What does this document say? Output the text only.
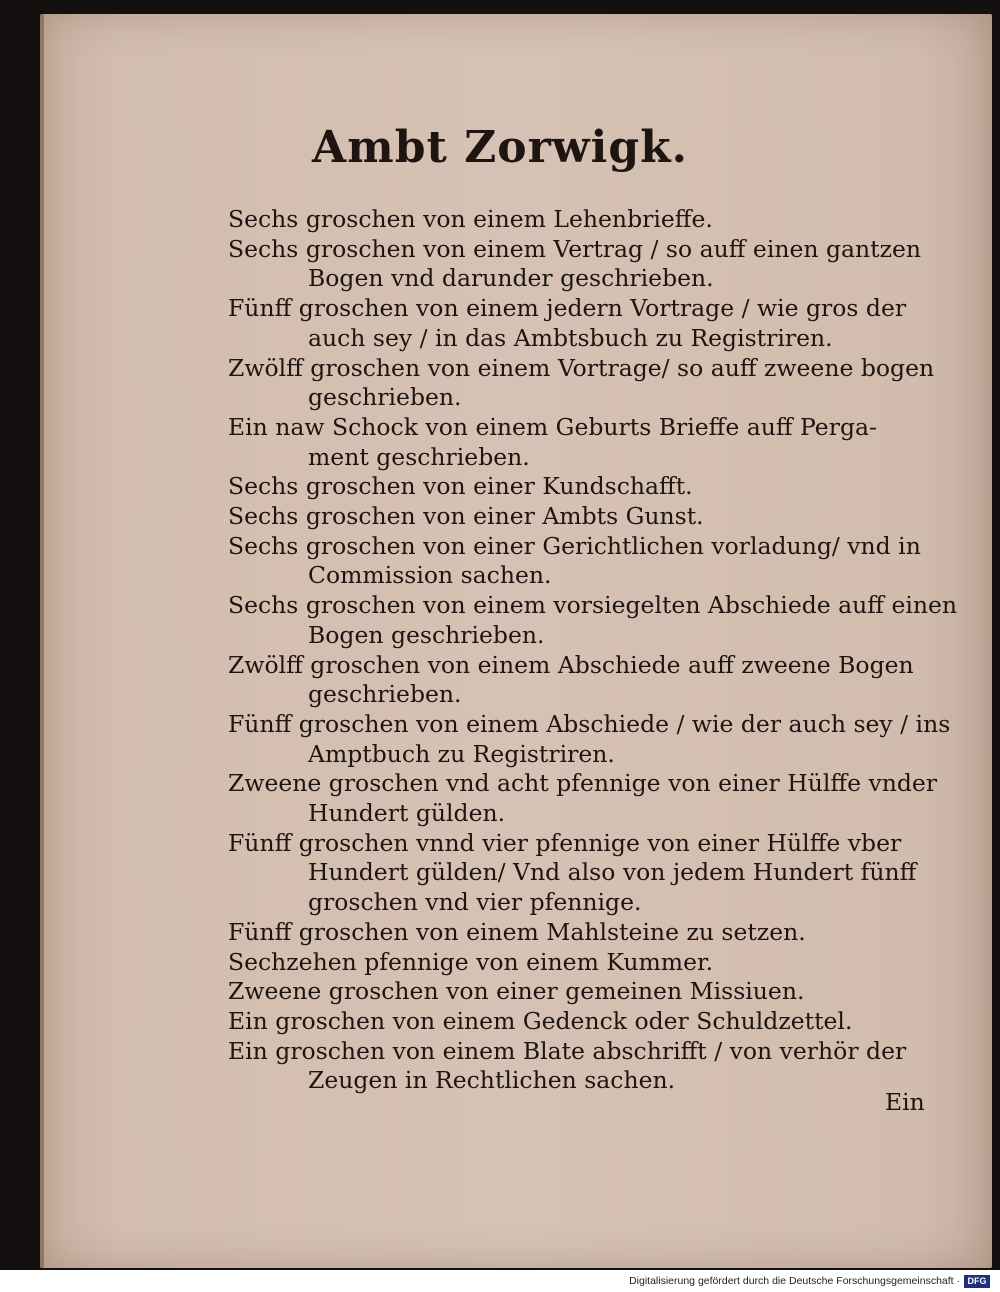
Ambt Zorwigk.
Sechs groschen von einem Lehenbrieffe.
Sechs groschen von einem Vertrag / so auff einen gantzen
Bogen vnd darunder geschrieben.
Fünff groschen von einem jedern Vortrage / wie gros der
auch sey / in das Ambtsbuch zu Registriren.
Zwölff groschen von einem Vortrage/ so auff zweene bogen
geschrieben.
Ein naw Schock von einem Geburts Brieffe auff Perga-
ment geschrieben.
Sechs groschen von einer Kundschafft.
Sechs groschen von einer Ambts Gunst.
Sechs groschen von einer Gerichtlichen vorladung/ vnd in
Commission sachen.
Sechs groschen von einem vorsiegelten Abschiede auff einen
Bogen geschrieben.
Zwölff groschen von einem Abschiede auff zweene Bogen
geschrieben.
Fünff groschen von einem Abschiede / wie der auch sey / ins
Amptbuch zu Registriren.
Zweene groschen vnd acht pfennige von einer Hülffe vnder
Hundert gülden.
Fünff groschen vnnd vier pfennige von einer Hülffe vber
Hundert gülden/ Vnd also von jedem Hundert fünff
groschen vnd vier pfennige.
Fünff groschen von einem Mahlsteine zu setzen.
Sechzehen pfennige von einem Kummer.
Zweene groschen von einer gemeinen Missiuen.
Ein groschen von einem Gedenck oder Schuldzettel.
Ein groschen von einem Blate abschrifft / von verhör der
Zeugen in Rechtlichen sachen.
Ein
Digitalisierung gefördert durch die Deutsche Forschungsgemeinschaft · DFG
